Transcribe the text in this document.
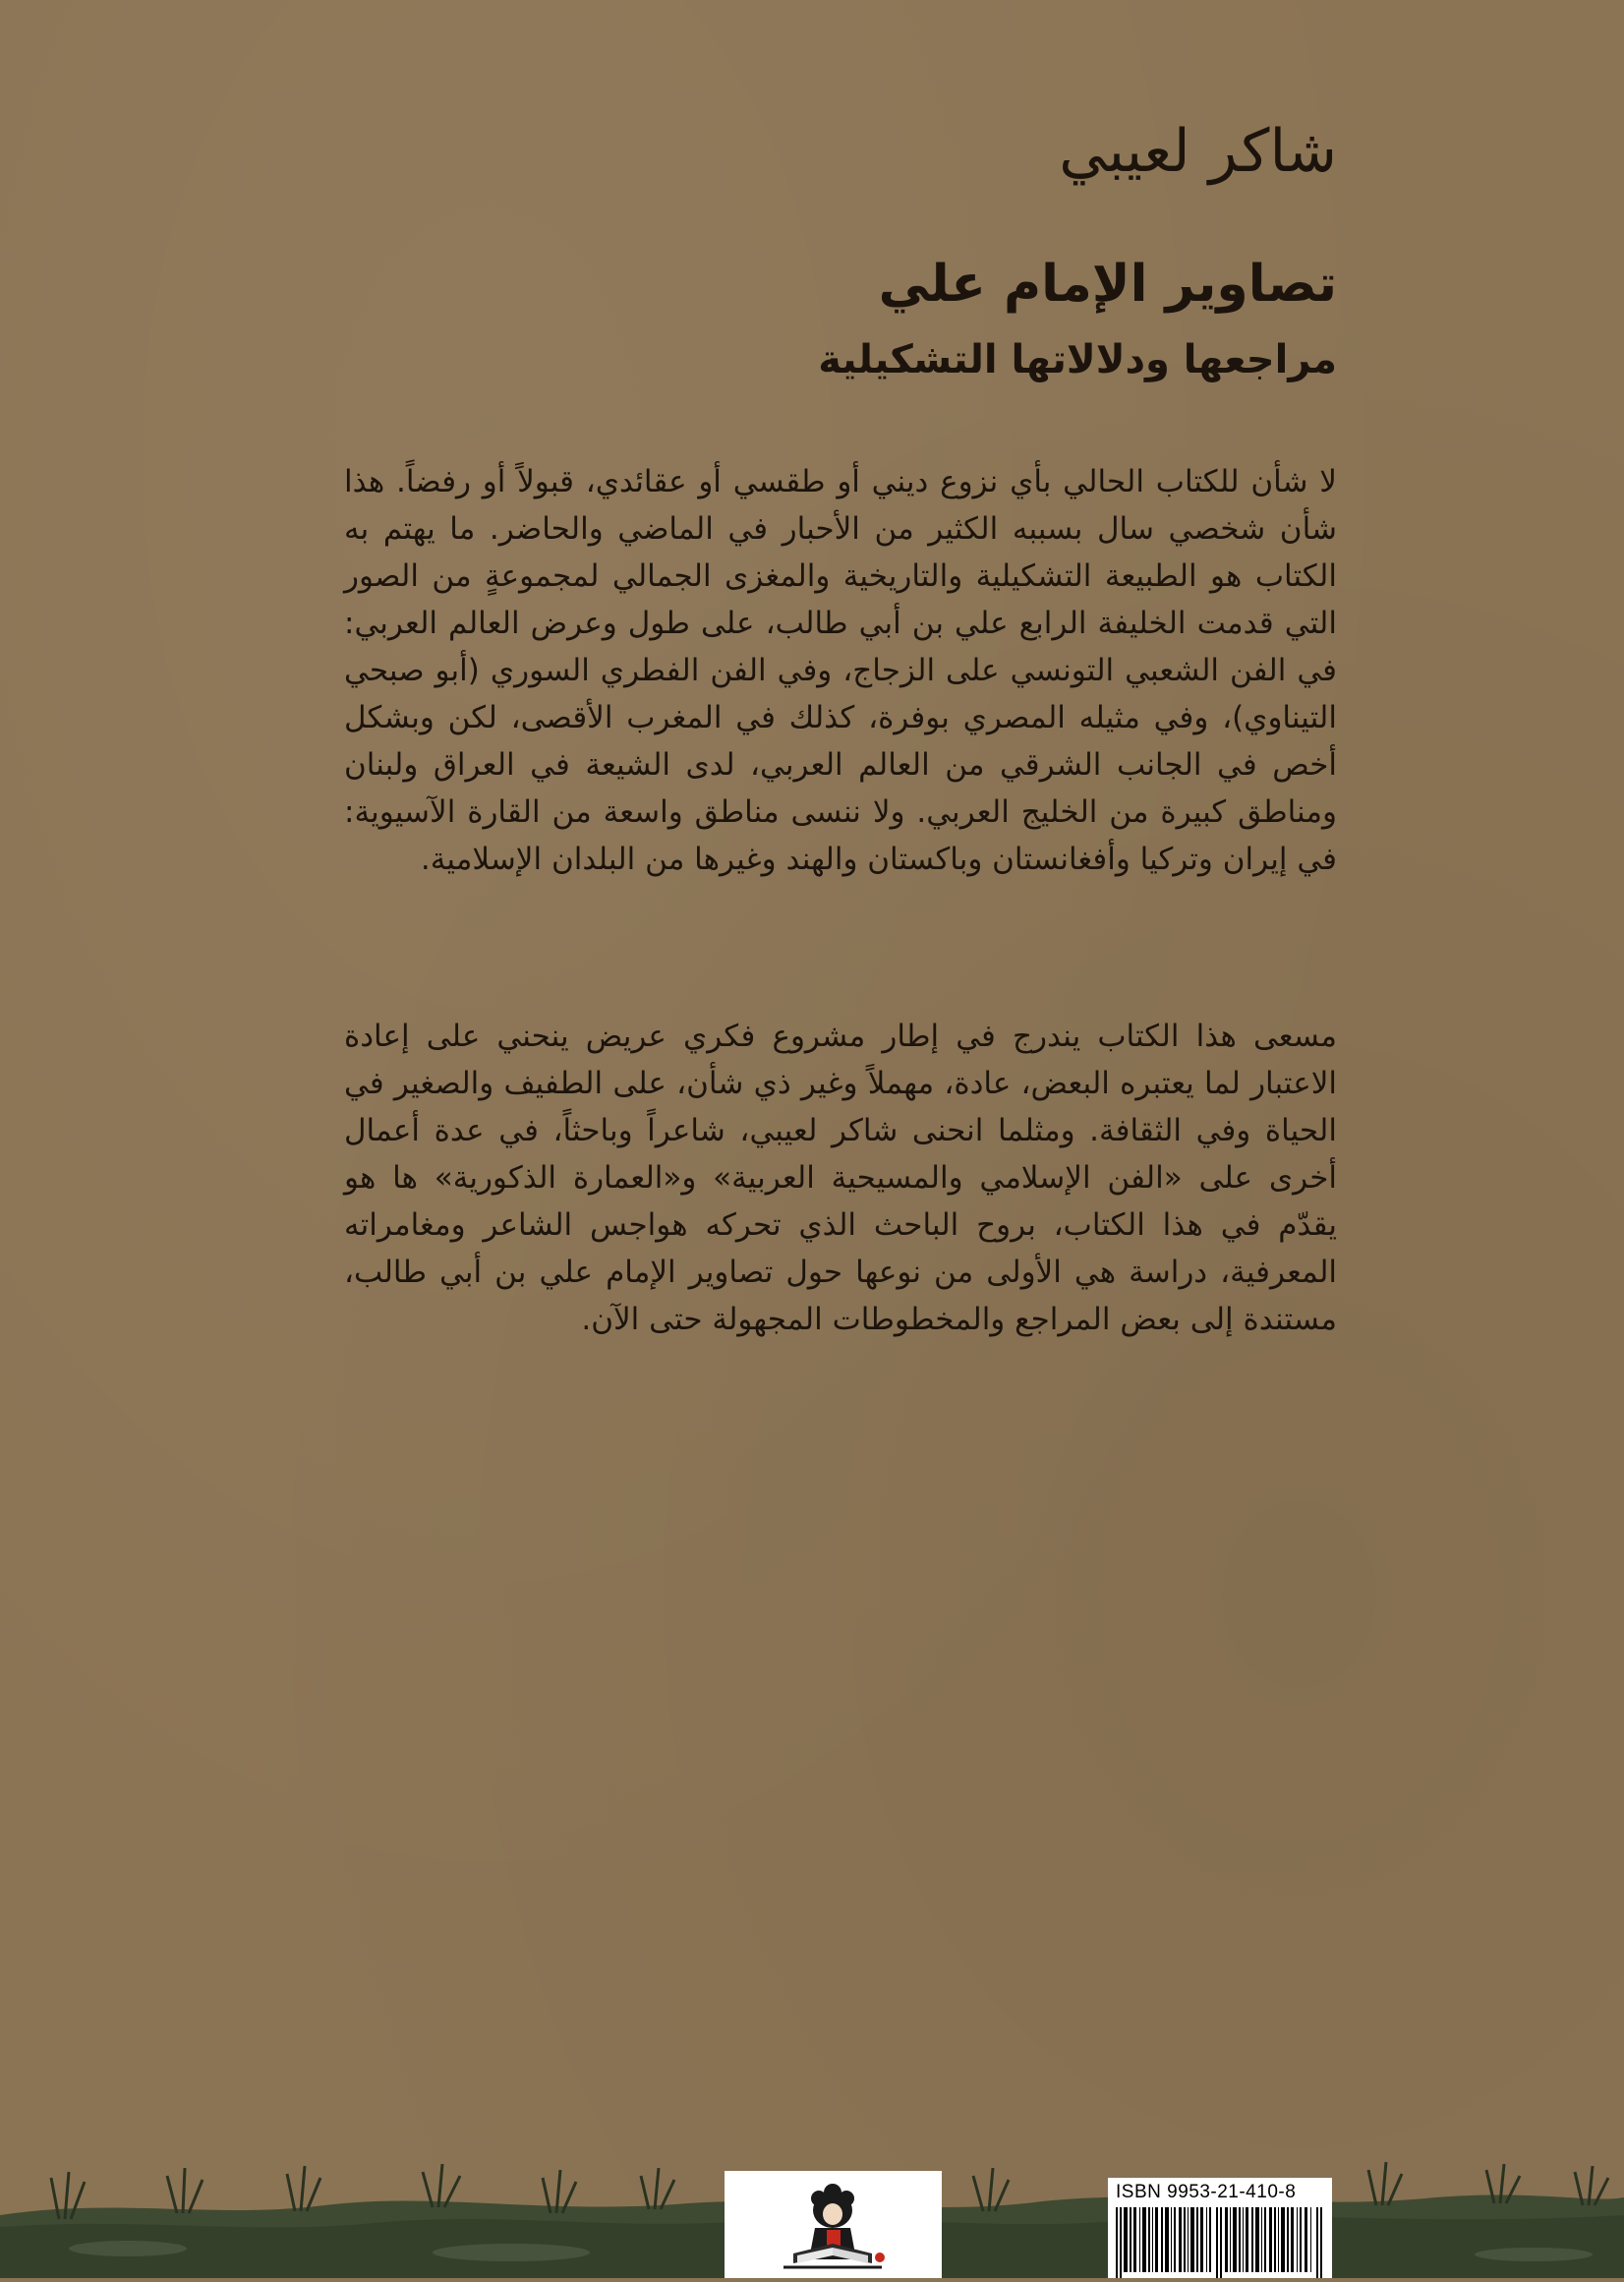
شاكر لعيبي
تصاوير الإمام علي
مراجعها ودلالاتها التشكيلية

لا شأن للكتاب الحالي بأي نزوع ديني أو طقسي أو عقائدي، قبولاً أو رفضاً. هذا شأن شخصي سال بسببه الكثير من الأحبار في الماضي والحاضر. ما يهتم به الكتاب هو الطبيعة التشكيلية والتاريخية والمغزى الجمالي لمجموعةٍ من الصور التي قدمت الخليفة الرابع علي بن أبي طالب، على طول وعرض العالم العربي: في الفن الشعبي التونسي على الزجاج، وفي الفن الفطري السوري (أبو صبحي التيناوي)، وفي مثيله المصري بوفرة، كذلك في المغرب الأقصى، لكن وبشكل أخص في الجانب الشرقي من العالم العربي، لدى الشيعة في العراق ولبنان ومناطق كبيرة من الخليج العربي. ولا ننسى مناطق واسعة من القارة الآسيوية: في إيران وتركيا وأفغانستان وباكستان والهند وغيرها من البلدان الإسلامية.

مسعى هذا الكتاب يندرج في إطار مشروع فكري عريض ينحني على إعادة الاعتبار لما يعتبره البعض، عادة، مهملاً وغير ذي شأن، على الطفيف والصغير في الحياة وفي الثقافة. ومثلما انحنى شاكر لعيبي، شاعراً وباحثاً، في عدة أعمال أخرى على «الفن الإسلامي والمسيحية العربية» و«العمارة الذكورية» ها هو يقدّم في هذا الكتاب، بروح الباحث الذي تحركه هواجس الشاعر ومغامراته المعرفية، دراسة هي الأولى من نوعها حول تصاوير الإمام علي بن أبي طالب، مستندة إلى بعض المراجع والمخطوطات المجهولة حتى الآن.

ISBN 9953-21-410-8
